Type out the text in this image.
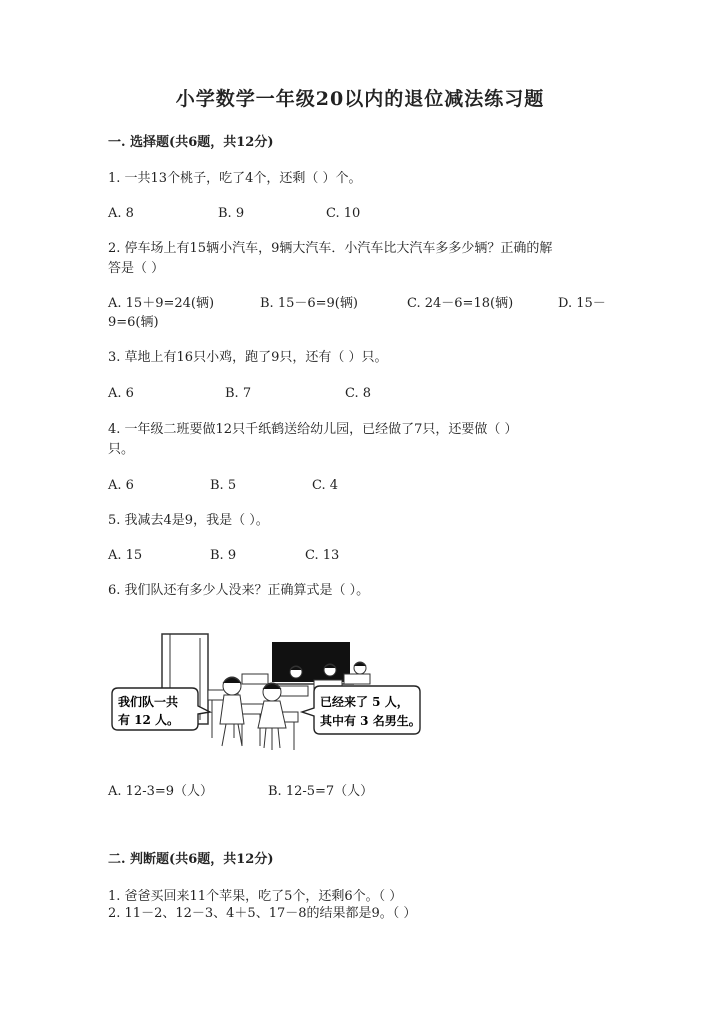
小学数学一年级20以内的退位减法练习题
一. 选择题(共6题，共12分)
1. 一共13个桃子，吃了4个，还剩（ ）个。
A. 8	B. 9	C. 10
2. 停车场上有15辆小汽车，9辆大汽车．小汽车比大汽车多多少辆？正确的解
答是（ ）
A. 15＋9=24(辆)	B. 15－6=9(辆)	C. 24－6=18(辆)	D. 15－
9=6(辆)
3. 草地上有16只小鸡，跑了9只，还有（ ）只。
A. 6	B. 7	C. 8
4. 一年级二班要做12只千纸鹤送给幼儿园，已经做了7只，还要做（ ）
只。
A. 6	B. 5	C. 4
5. 我减去4是9，我是（ ）。
A. 15	B. 9	C. 13
6. 我们队还有多少人没来？正确算式是（ ）。
我们队一共
有 12 人。
已经来了 5 人，
其中有 3 名男生。
A. 12-3=9（人）	B. 12-5=7（人）
二. 判断题(共6题，共12分)
1. 爸爸买回来11个苹果，吃了5个，还剩6个。（ ）
2. 11－2、12－3、4＋5、17－8的结果都是9。（ ）
